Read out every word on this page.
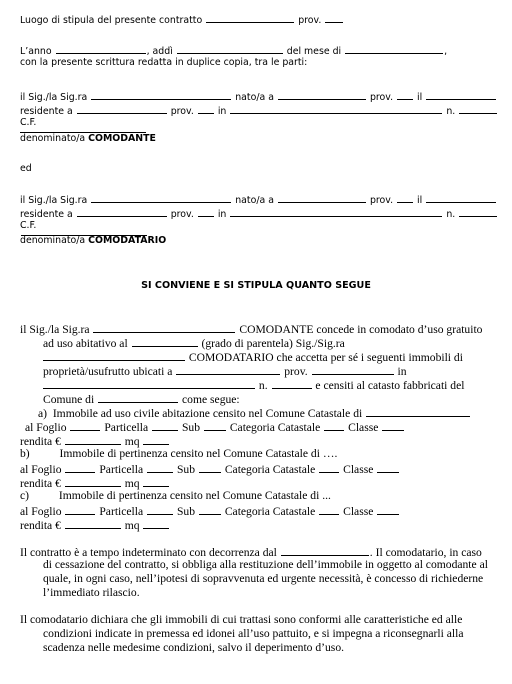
Luogo di stipula del presente contratto	prov.
L’anno	, addì	del mese di	,
con la presente scrittura redatta in duplice copia, tra le parti:
il Sig./la Sig.ra	nato/a a	prov.	il
residente a	prov.	in	n.
C.F.
denominato/a COMODANTE
ed
il Sig./la Sig.ra	nato/a a	prov.	il
residente a	prov.	in	n.
C.F.
denominato/a COMODATARIO
SI CONVIENE E SI STIPULA QUANTO SEGUE
il Sig./la Sig.ra	COMODANTE concede in comodato d’uso gratuito
ad uso abitativo al	(grado di parentela) Sig./Sig.ra
COMODATARIO che accetta per sé i seguenti immobili di
proprietà/usufrutto ubicati a	prov.	in
n.	e censiti al catasto fabbricati del
Comune di	come segue:
a) Immobile ad uso civile abitazione censito nel Comune Catastale di
al Foglio	Particella	Sub	Categoria Catastale Classe
rendita €	mq
b)	Immobile di pertinenza censito nel Comune Catastale di ….
al Foglio	Particella	Sub	Categoria Catastale Classe
rendita €	mq
c)	Immobile di pertinenza censito nel Comune Catastale di ...
al Foglio	Particella	Sub	Categoria Catastale Classe
rendita €	mq
Il contratto è a tempo indeterminato con decorrenza dal	. Il comodatario, in caso
di cessazione del contratto, si obbliga alla restituzione dell’immobile in oggetto al comodante al
quale, in ogni caso, nell’ipotesi di sopravvenuta ed urgente necessità, è concesso di richiederne
l’immediato rilascio.
Il comodatario dichiara che gli immobili di cui trattasi sono conformi alle caratteristiche ed alle
condizioni indicate in premessa ed idonei all’uso pattuito, e si impegna a riconsegnarli alla
scadenza nelle medesime condizioni, salvo il deperimento d’uso.
